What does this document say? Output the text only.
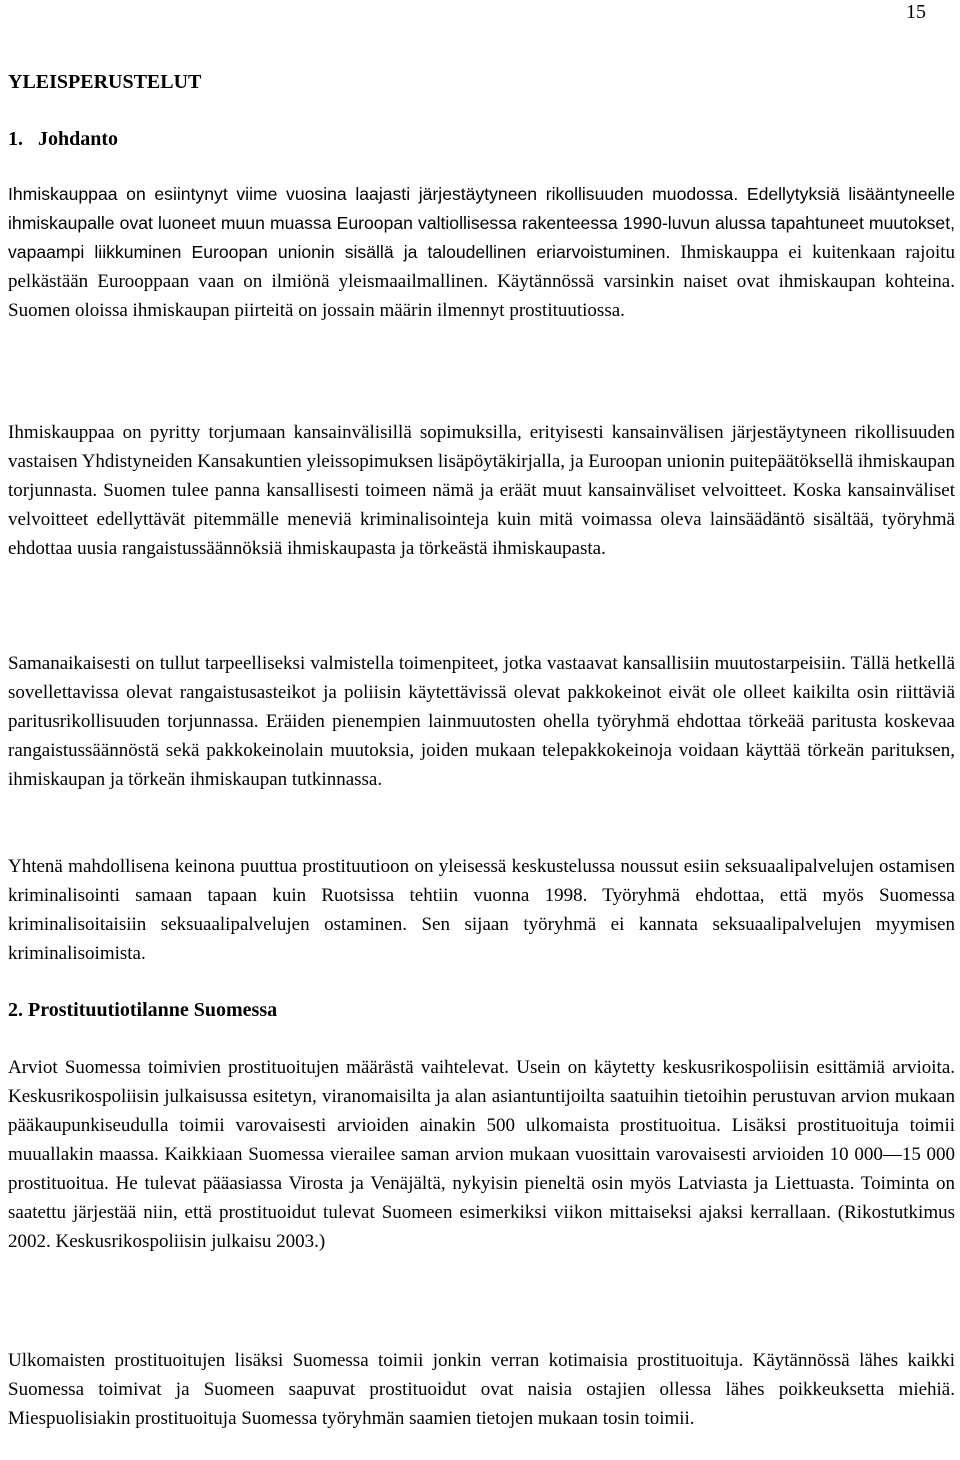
15
YLEISPERUSTELUT
1. Johdanto

Ihmiskauppaa on esiintynyt viime vuosina laajasti järjestäytyneen rikollisuuden muodossa. Edellytyksiä lisääntyneelle ihmiskaupalle ovat luoneet muun muassa Euroopan valtiollisessa rakenteessa 1990-luvun alussa tapahtuneet muutokset, vapaampi liikkuminen Euroopan unionin sisällä ja taloudellinen eriarvoistuminen. Ihmiskauppa ei kuitenkaan rajoitu pelkästään Eurooppaan vaan on ilmiönä yleismaailmallinen. Käytännössä varsinkin naiset ovat ihmiskaupan kohteina. Suomen oloissa ihmiskaupan piirteitä on jossain määrin ilmennyt prostituutiossa.

Ihmiskauppaa on pyritty torjumaan kansainvälisillä sopimuksilla, erityisesti kansainvälisen järjestäytyneen rikollisuuden vastaisen Yhdistyneiden Kansakuntien yleissopimuksen lisäpöytäkirjalla, ja Euroopan unionin puitepäätöksellä ihmiskaupan torjunnasta. Suomen tulee panna kansallisesti toimeen nämä ja eräät muut kansainväliset velvoitteet. Koska kansainväliset velvoitteet edellyttävät pitemmälle meneviä kriminalisointeja kuin mitä voimassa oleva lainsäädäntö sisältää, työryhmä ehdottaa uusia rangaistussäännöksiä ihmiskaupasta ja törkeästä ihmiskaupasta.

Samanaikaisesti on tullut tarpeelliseksi valmistella toimenpiteet, jotka vastaavat kansallisiin muutostarpeisiin. Tällä hetkellä sovellettavissa olevat rangaistusasteikot ja poliisin käytettävissä olevat pakkokeinot eivät ole olleet kaikilta osin riittäviä paritusrikollisuuden torjunnassa. Eräiden pienempien lainmuutosten ohella työryhmä ehdottaa törkeää paritusta koskevaa rangaistussäännöstä sekä pakkokeinolain muutoksia, joiden mukaan telepakkokeinoja voidaan käyttää törkeän parituksen, ihmiskaupan ja törkeän ihmiskaupan tutkinnassa.

Yhtenä mahdollisena keinona puuttua prostituutioon on yleisessä keskustelussa noussut esiin seksuaalipalvelujen ostamisen kriminalisointi samaan tapaan kuin Ruotsissa tehtiin vuonna 1998. Työryhmä ehdottaa, että myös Suomessa kriminalisoitaisiin seksuaalipalvelujen ostaminen. Sen sijaan työryhmä ei kannata seksuaalipalvelujen myymisen kriminalisoimista.

2. Prostituutiotilanne Suomessa

Arviot Suomessa toimivien prostituoitujen määrästä vaihtelevat. Usein on käytetty keskusrikospoliisin esittämiä arvioita. Keskusrikospoliisin julkaisussa esitetyn, viranomaisilta ja alan asiantuntijoilta saatuihin tietoihin perustuvan arvion mukaan pääkaupunkiseudulla toimii varovaisesti arvioiden ainakin 500 ulkomaista prostituoitua. Lisäksi prostituoituja toimii muuallakin maassa. Kaikkiaan Suomessa vierailee saman arvion mukaan vuosittain varovaisesti arvioiden 10 000—15 000 prostituoitua. He tulevat pääasiassa Virosta ja Venäjältä, nykyisin pieneltä osin myös Latviasta ja Liettuasta. Toiminta on saatettu järjestää niin, että prostituoidut tulevat Suomeen esimerkiksi viikon mittaiseksi ajaksi kerrallaan. (Rikostutkimus 2002. Keskusrikospoliisin julkaisu 2003.)

Ulkomaisten prostituoitujen lisäksi Suomessa toimii jonkin verran kotimaisia prostituoituja. Käytännössä lähes kaikki Suomessa toimivat ja Suomeen saapuvat prostituoidut ovat naisia ostajien ollessa lähes poikkeuksetta miehiä. Miespuolisiakin prostituoituja Suomessa työryhmän saamien tietojen mukaan tosin toimii.
